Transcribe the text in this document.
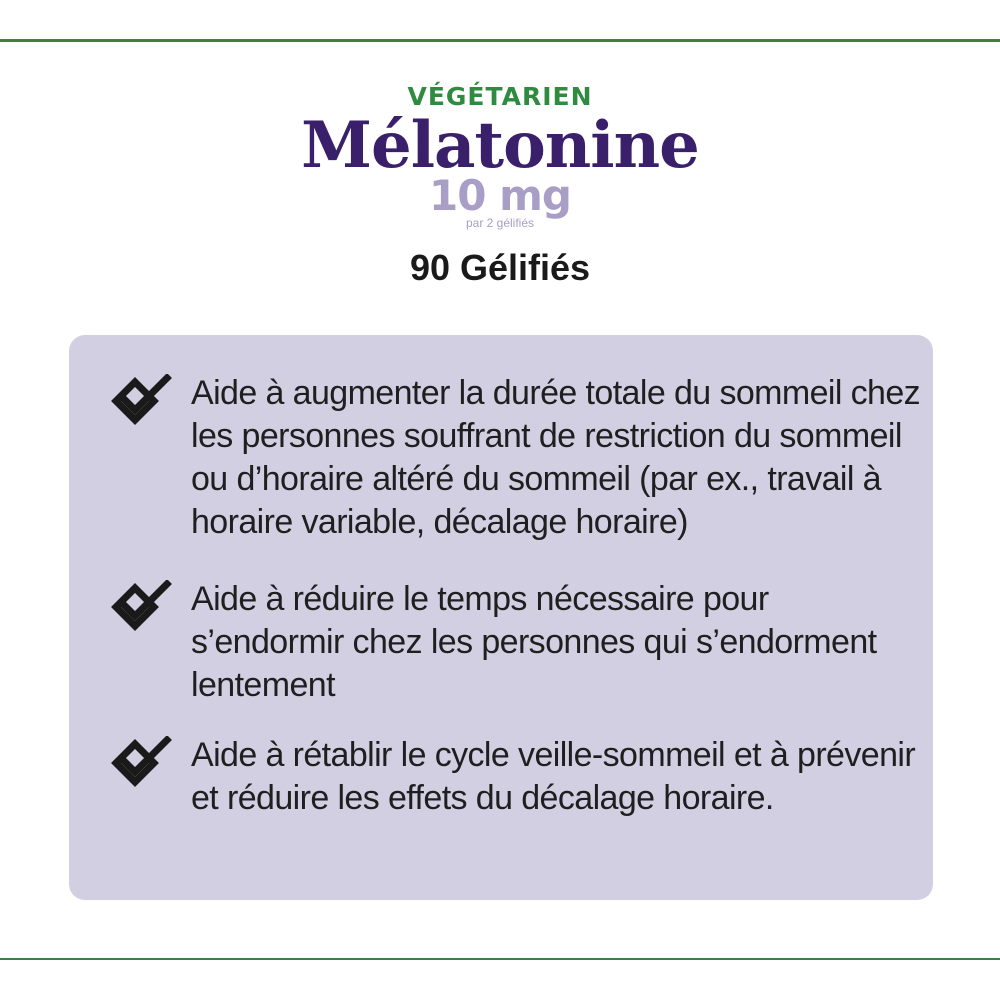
VÉGÉTARIEN
Mélatonine
10 mg
par 2 gélifiés
90 Gélifiés

Aide à augmenter la durée totale du sommeil chez les personnes souffrant de restriction du sommeil ou d’horaire altéré du sommeil (par ex., travail à horaire variable, décalage horaire)

Aide à réduire le temps nécessaire pour s’endormir chez les personnes qui s’endorment lentement

Aide à rétablir le cycle veille-sommeil et à prévenir et réduire les effets du décalage horaire.
